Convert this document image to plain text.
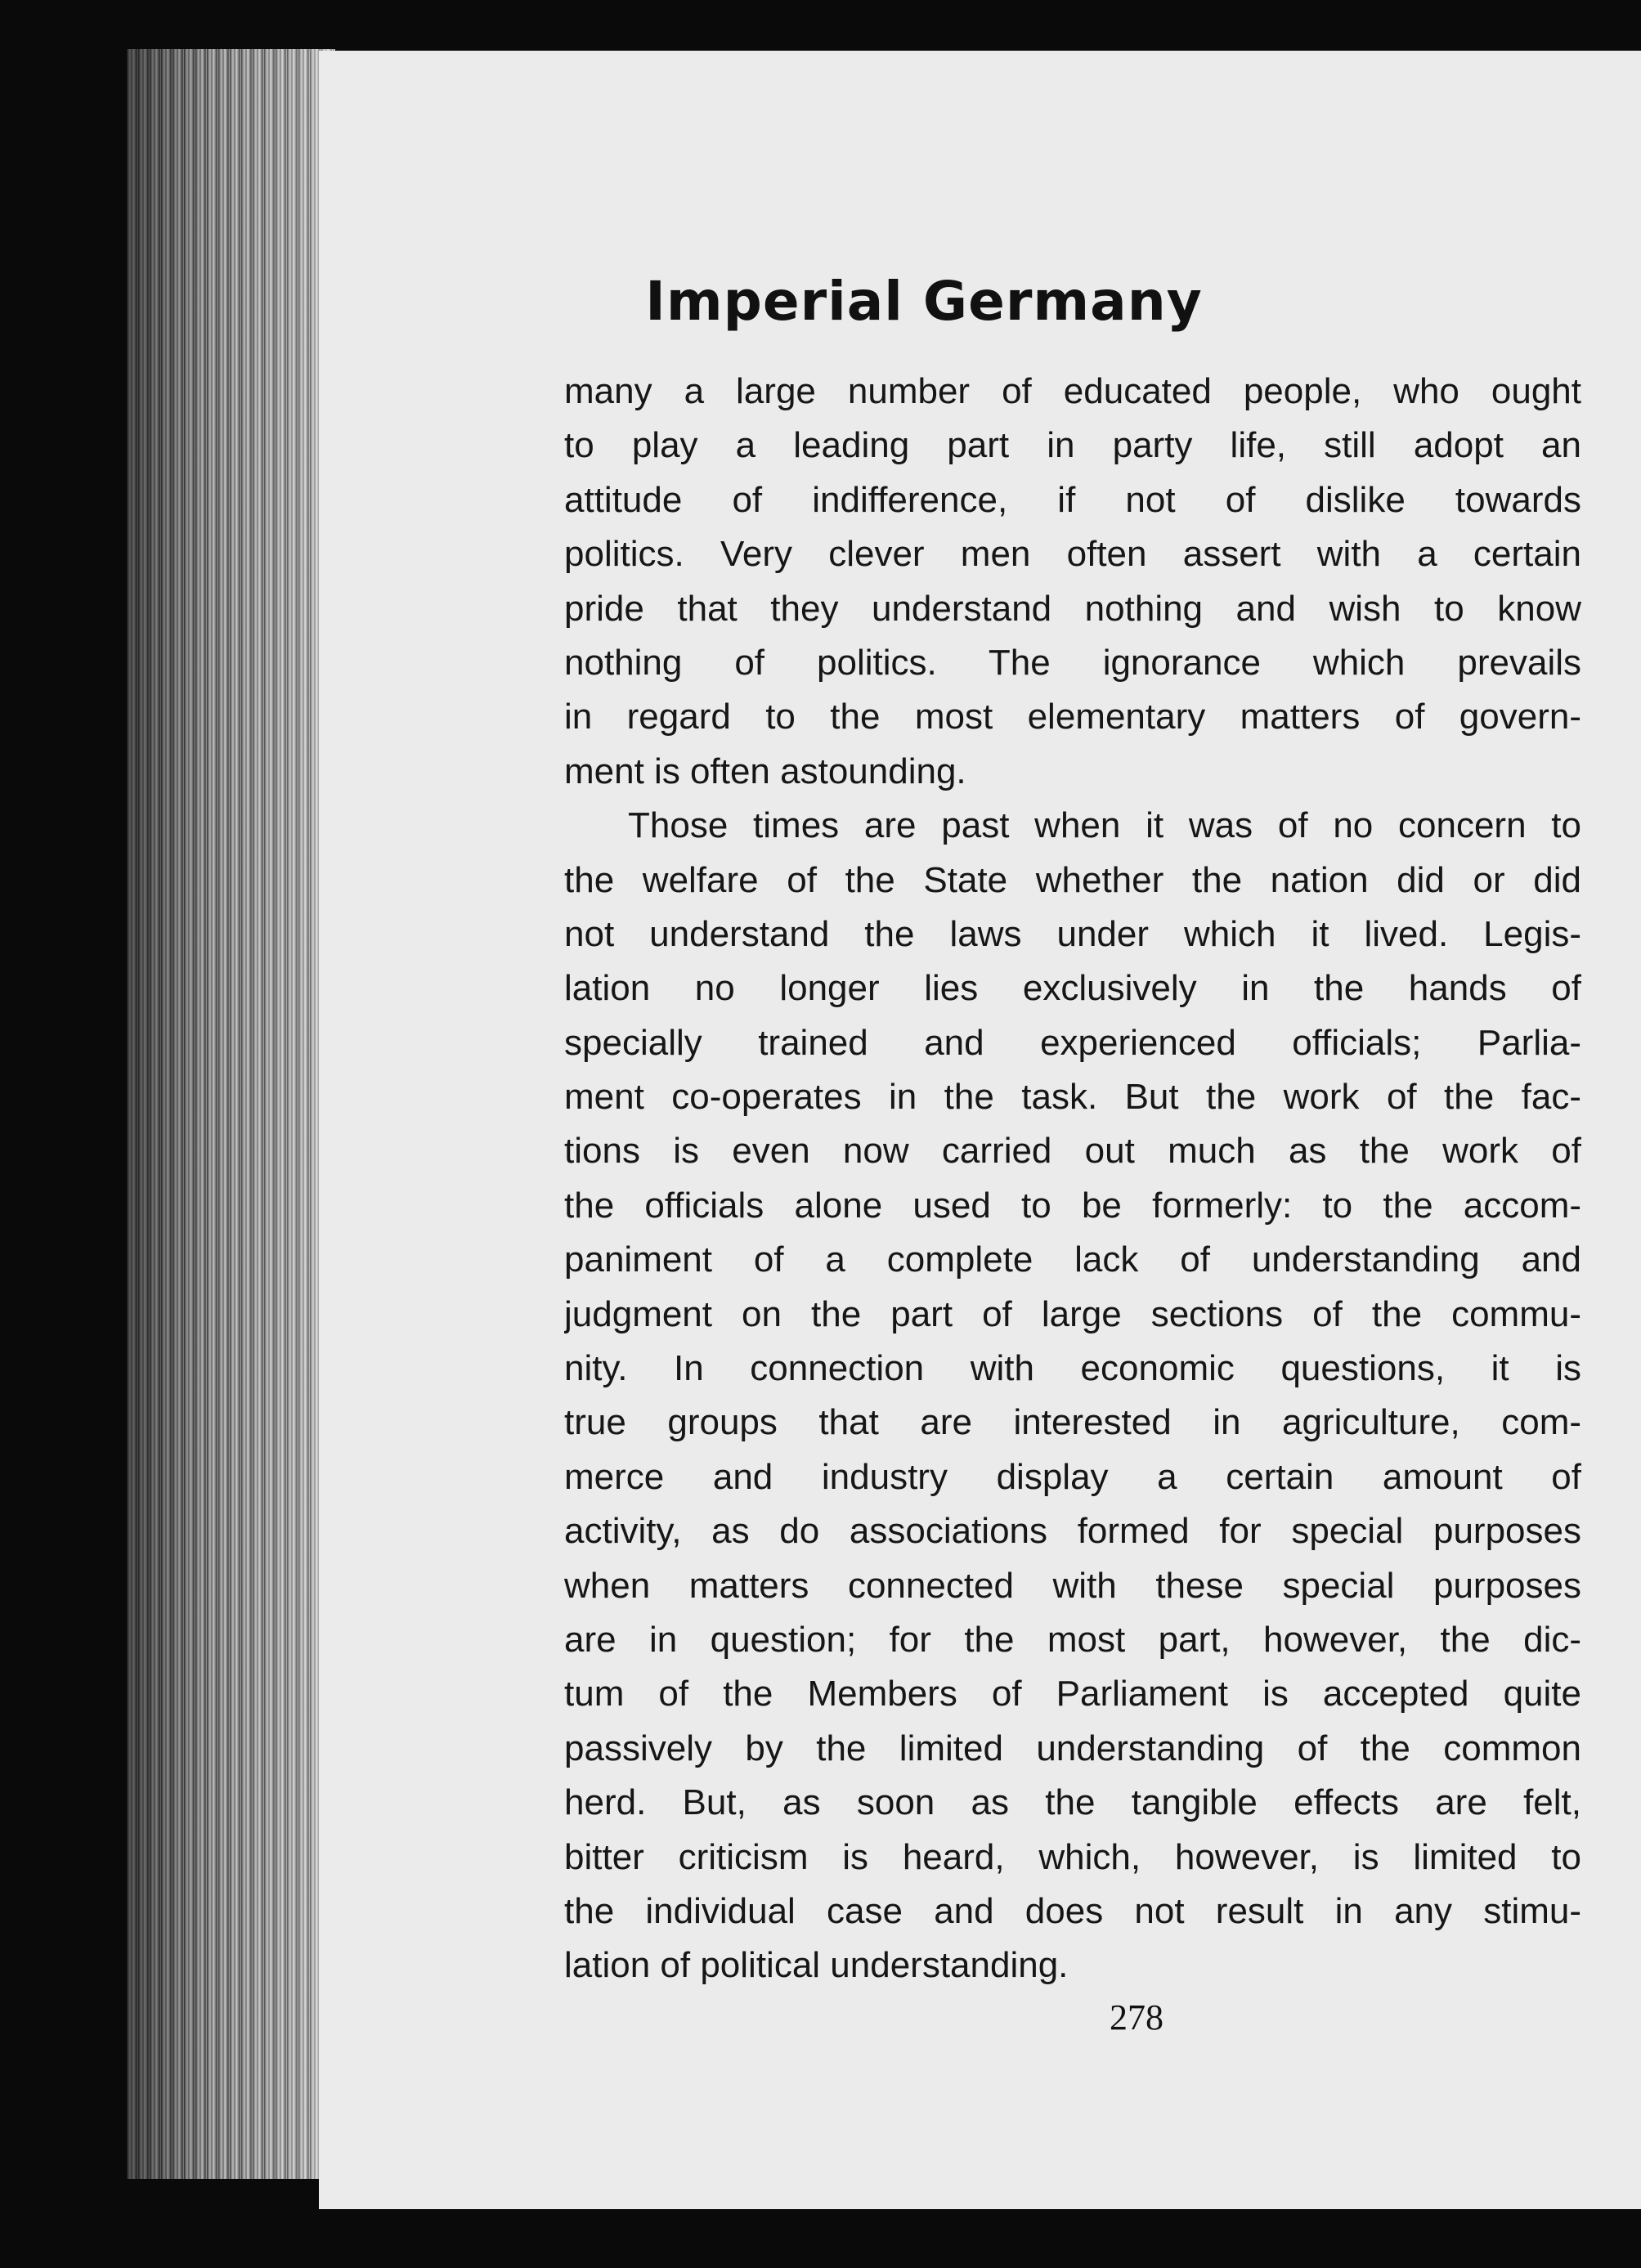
Imperial Germany
many a large number of educated people, who ought
to play a leading part in party life, still adopt an
attitude of indifference, if not of dislike towards
politics. Very clever men often assert with a certain
pride that they understand nothing and wish to know
nothing of politics. The ignorance which prevails
in regard to the most elementary matters of govern-
ment is often astounding.
Those times are past when it was of no concern to
the welfare of the State whether the nation did or did
not understand the laws under which it lived. Legis-
lation no longer lies exclusively in the hands of
specially trained and experienced officials; Parlia-
ment co-operates in the task. But the work of the fac-
tions is even now carried out much as the work of
the officials alone used to be formerly: to the accom-
paniment of a complete lack of understanding and
judgment on the part of large sections of the commu-
nity. In connection with economic questions, it is
true groups that are interested in agriculture, com-
merce and industry display a certain amount of
activity, as do associations formed for special purposes
when matters connected with these special purposes
are in question; for the most part, however, the dic-
tum of the Members of Parliament is accepted quite
passively by the limited understanding of the common
herd. But, as soon as the tangible effects are felt,
bitter criticism is heard, which, however, is limited to
the individual case and does not result in any stimu-
lation of political understanding.
278
